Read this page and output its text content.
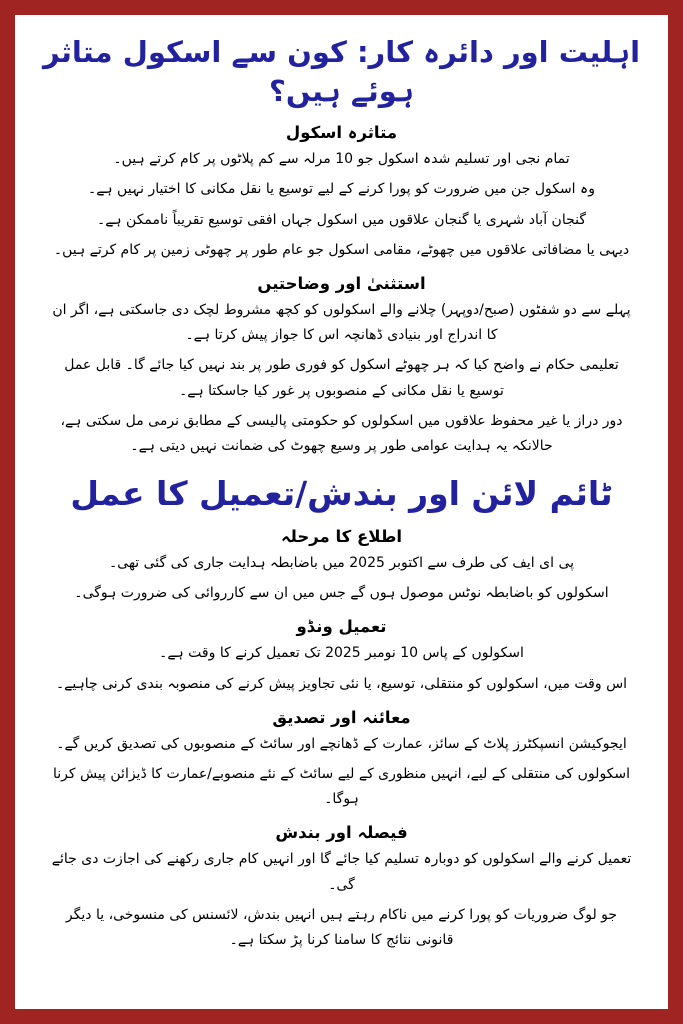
اہلیت اور دائرہ کار: کون سے اسکول متاثر ہوئے ہیں؟
متاثرہ اسکول

تمام نجی اور تسلیم شدہ اسکول جو 10 مرلہ سے کم پلاٹوں پر کام کرتے ہیں۔

وہ اسکول جن میں ضرورت کو پورا کرنے کے لیے توسیع یا نقل مکانی کا اختیار نہیں ہے۔

گنجان آباد شہری یا گنجان علاقوں میں اسکول جہاں افقی توسیع تقریباً ناممکن ہے۔

دیہی یا مضافاتی علاقوں میں چھوٹے، مقامی اسکول جو عام طور پر چھوٹی زمین پر کام کرتے ہیں۔

استثنیٰ اور وضاحتیں

پہلے سے دو شفٹوں (صبح/دوپہر) چلانے والے اسکولوں کو کچھ مشروط لچک دی جاسکتی ہے، اگر ان کا اندراج اور بنیادی ڈھانچہ اس کا جواز پیش کرتا ہے۔

تعلیمی حکام نے واضح کیا کہ ہر چھوٹے اسکول کو فوری طور پر بند نہیں کیا جائے گا۔ قابل عمل توسیع یا نقل مکانی کے منصوبوں پر غور کیا جاسکتا ہے۔

دور دراز یا غیر محفوظ علاقوں میں اسکولوں کو حکومتی پالیسی کے مطابق نرمی مل سکتی ہے، حالانکہ یہ ہدایت عوامی طور پر وسیع چھوٹ کی ضمانت نہیں دیتی ہے۔

ٹائم لائن اور بندش/تعمیل کا عمل
اطلاع کا مرحلہ

پی ای ایف کی طرف سے اکتوبر 2025 میں باضابطہ ہدایت جاری کی گئی تھی۔

اسکولوں کو باضابطہ نوٹس موصول ہوں گے جس میں ان سے کارروائی کی ضرورت ہوگی۔

تعمیل ونڈو

اسکولوں کے پاس 10 نومبر 2025 تک تعمیل کرنے کا وقت ہے۔

اس وقت میں، اسکولوں کو منتقلی، توسیع، یا نئی تجاویز پیش کرنے کی منصوبہ بندی کرنی چاہیے۔

معائنہ اور تصدیق

ایجوکیشن انسپکٹرز پلاٹ کے سائز، عمارت کے ڈھانچے اور سائٹ کے منصوبوں کی تصدیق کریں گے۔

اسکولوں کی منتقلی کے لیے، انہیں منظوری کے لیے سائٹ کے نئے منصوبے/عمارت کا ڈیزائن پیش کرنا ہوگا۔

فیصلہ اور بندش

تعمیل کرنے والے اسکولوں کو دوبارہ تسلیم کیا جائے گا اور انہیں کام جاری رکھنے کی اجازت دی جائے گی۔

جو لوگ ضروریات کو پورا کرنے میں ناکام رہتے ہیں انہیں بندش، لائسنس کی منسوخی، یا دیگر قانونی نتائج کا سامنا کرنا پڑ سکتا ہے۔
